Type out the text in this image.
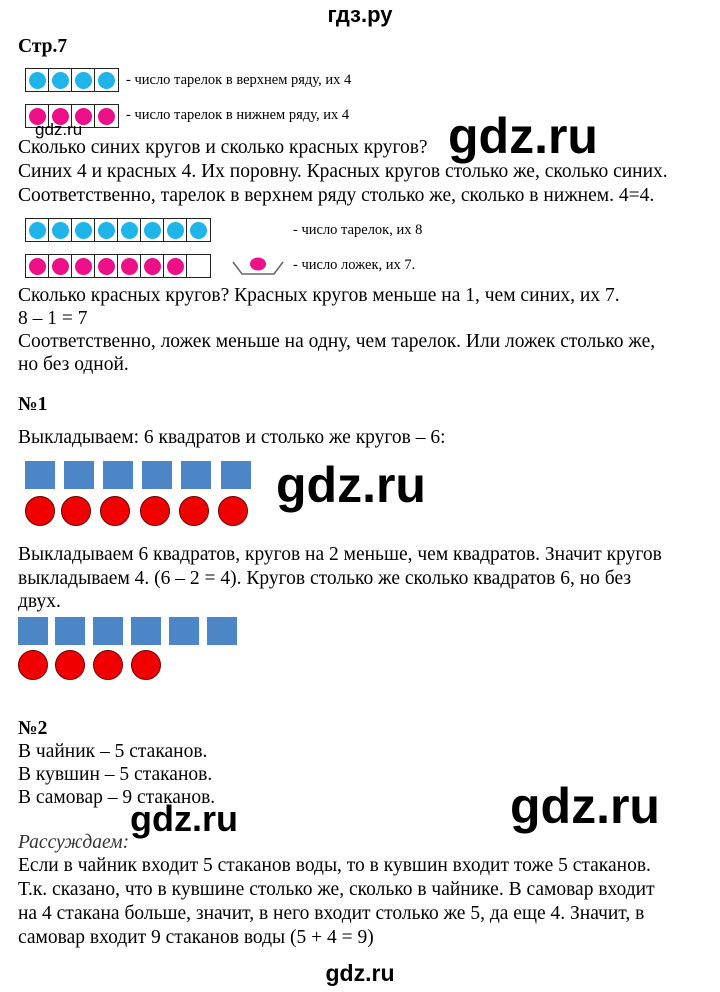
гдз.ру
Стр.7
- число тарелок в верхнем ряду, их 4
- число тарелок в нижнем ряду, их 4
gdz.ru
Сколько синих кругов и сколько красных кругов?
Синих 4 и красных 4. Их поровну. Красных кругов столько же, сколько синих.
Соответственно, тарелок в верхнем ряду столько же, сколько в нижнем. 4=4.
gdz.ru
- число тарелок, их 8
- число ложек, их 7.
Сколько красных кругов? Красных кругов меньше на 1, чем синих, их 7.
8 – 1 = 7
Соответственно, ложек меньше на одну, чем тарелок. Или ложек столько же,
но без одной.
№1
Выкладываем: 6 квадратов и столько же кругов – 6:
gdz.ru
Выкладываем 6 квадратов, кругов на 2 меньше, чем квадратов. Значит кругов
выкладываем 4. (6 – 2 = 4). Кругов столько же сколько квадратов 6, но без
двух.
№2
В чайник – 5 стаканов.
В кувшин – 5 стаканов.
В самовар – 9 стаканов.
gdz.ru	gdz.ru
Рассуждаем:
Если в чайник входит 5 стаканов воды, то в кувшин входит тоже 5 стаканов.
Т.к. сказано, что в кувшине столько же, сколько в чайнике. В самовар входит
на 4 стакана больше, значит, в него входит столько же 5, да еще 4. Значит, в
самовар входит 9 стаканов воды (5 + 4 = 9)
gdz.ru
